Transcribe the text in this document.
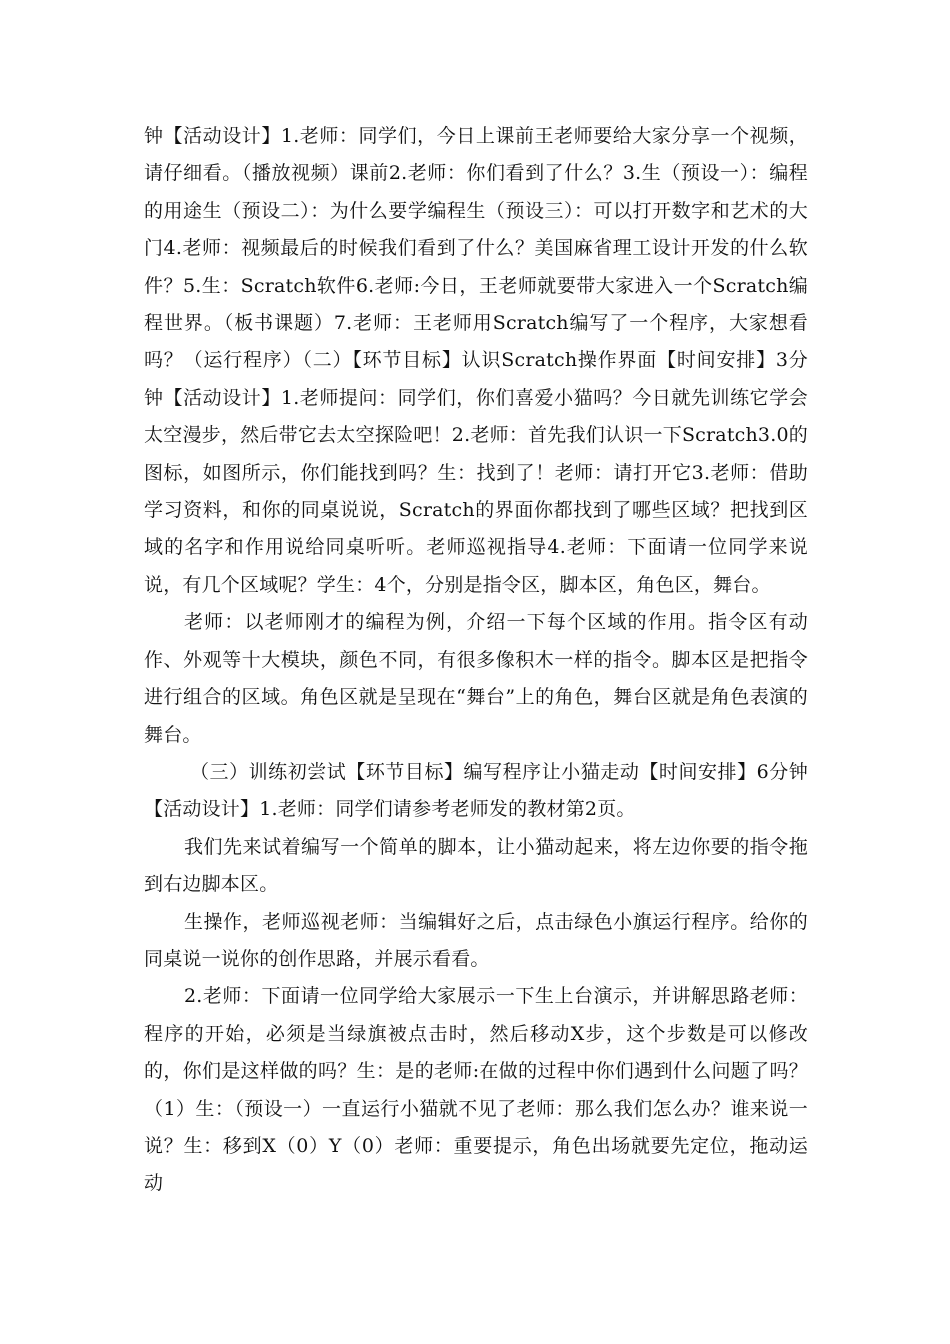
钟【活动设计】1.老师：同学们，今日上课前王老师要给大家分享一个视频，请仔细看。（播放视频）课前2.老师：你们看到了什么？3.生（预设一）：编程的用途生（预设二）：为什么要学编程生（预设三）：可以打开数字和艺术的大门4.老师：视频最后的时候我们看到了什么？美国麻省理工设计开发的什么软件？5.生：Scratch软件6.老师:今日，王老师就要带大家进入一个Scratch编程世界。（板书课题）7.老师：王老师用Scratch编写了一个程序，大家想看吗？（运行程序）（二）【环节目标】认识Scratch操作界面【时间安排】3分钟【活动设计】1.老师提问：同学们，你们喜爱小猫吗？今日就先训练它学会太空漫步，然后带它去太空探险吧！2.老师：首先我们认识一下Scratch3.0的图标，如图所示，你们能找到吗？生：找到了！老师：请打开它3.老师：借助学习资料，和你的同桌说说，Scratch的界面你都找到了哪些区域？把找到区域的名字和作用说给同桌听听。老师巡视指导4.老师：下面请一位同学来说说，有几个区域呢？学生：4个，分别是指令区，脚本区，角色区，舞台。

老师：以老师刚才的编程为例，介绍一下每个区域的作用。指令区有动作、外观等十大模块，颜色不同，有很多像积木一样的指令。脚本区是把指令进行组合的区域。角色区就是呈现在“舞台”上的角色，舞台区就是角色表演的舞台。

（三）训练初尝试【环节目标】编写程序让小猫走动【时间安排】6分钟【活动设计】1.老师：同学们请参考老师发的教材第2页。

我们先来试着编写一个简单的脚本，让小猫动起来，将左边你要的指令拖到右边脚本区。

生操作，老师巡视老师：当编辑好之后，点击绿色小旗运行程序。给你的同桌说一说你的创作思路，并展示看看。

2.老师：下面请一位同学给大家展示一下生上台演示，并讲解思路老师：程序的开始，必须是当绿旗被点击时，然后移动X步，这个步数是可以修改的，你们是这样做的吗？生：是的老师:在做的过程中你们遇到什么问题了吗？（1）生：（预设一）一直运行小猫就不见了老师：那么我们怎么办？谁来说一说？生：移到X（0）Y（0）老师：重要提示，角色出场就要先定位，拖动运动
